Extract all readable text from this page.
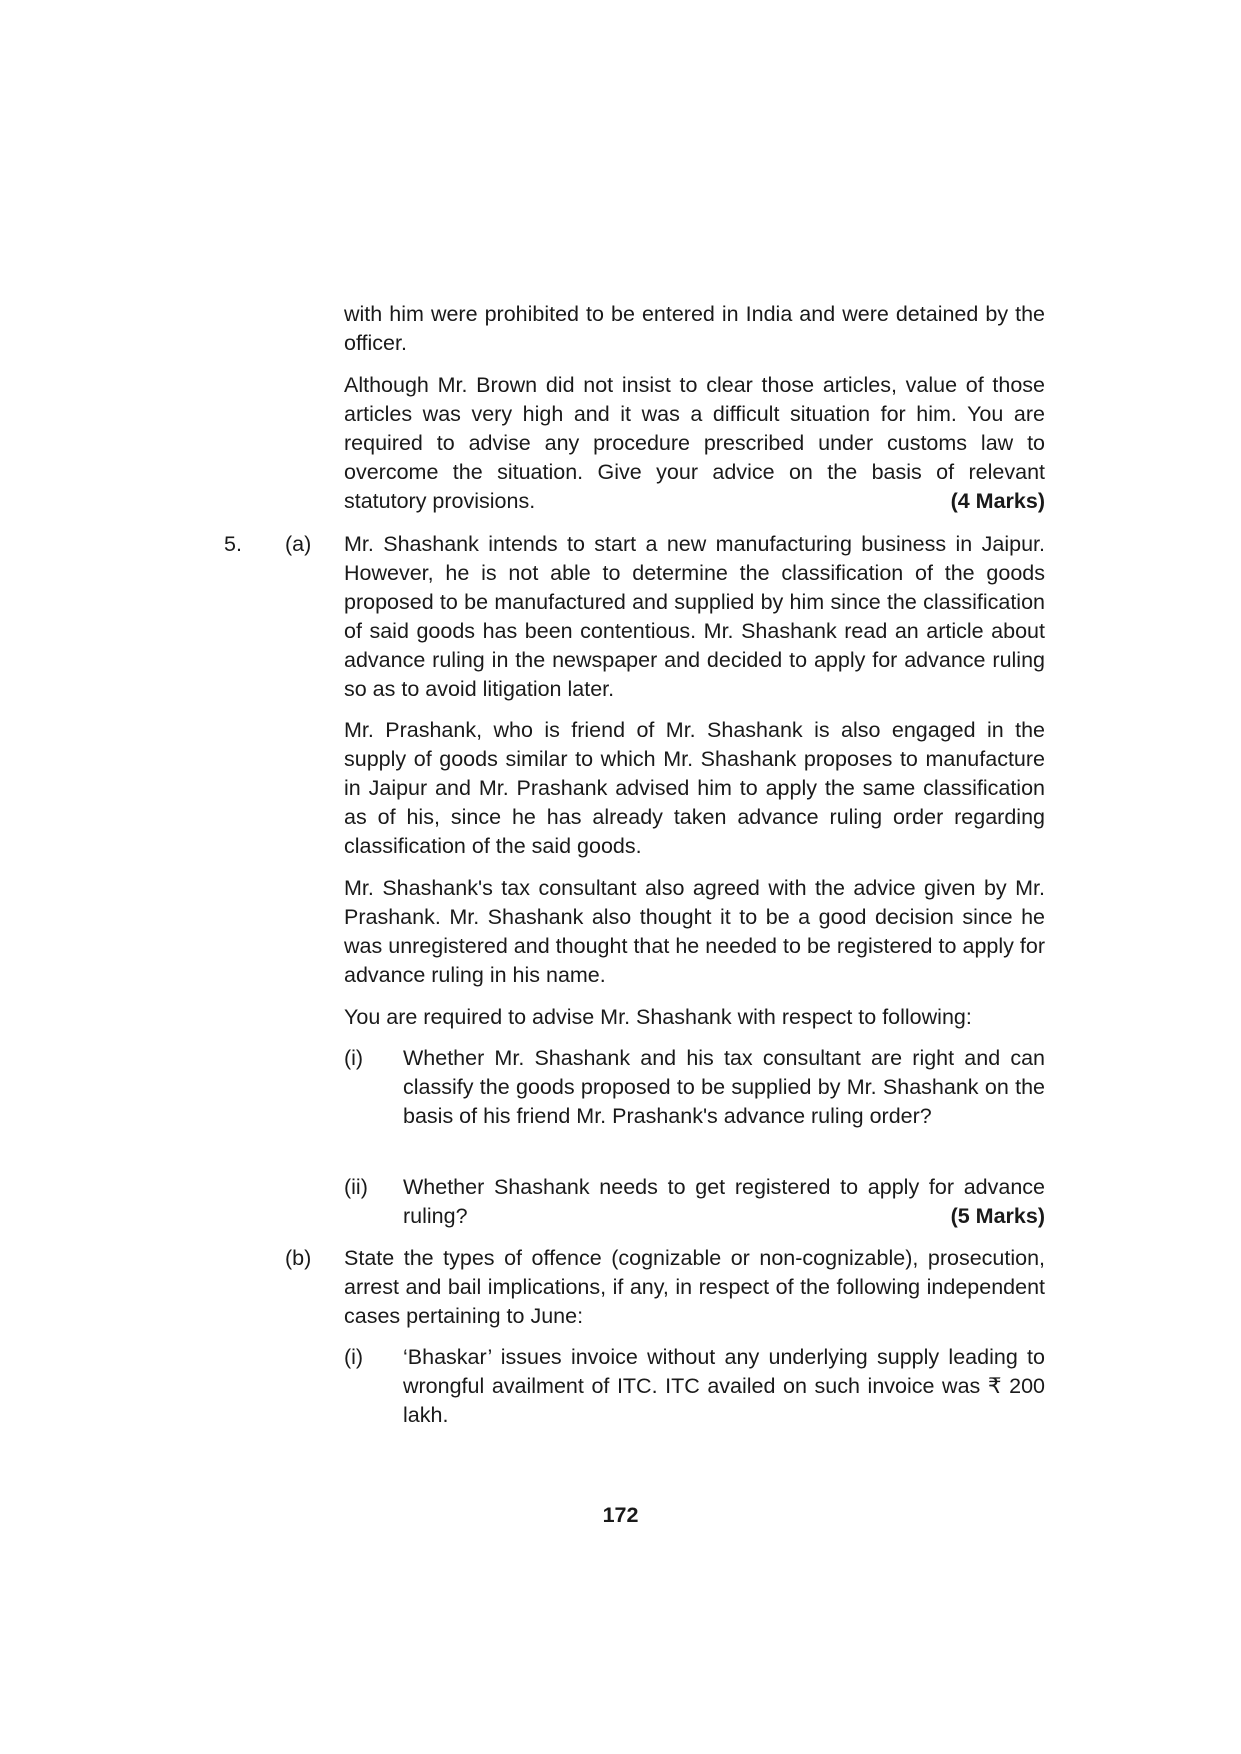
with him were prohibited to be entered in India and were detained by the officer.

Although Mr. Brown did not insist to clear those articles, value of those articles was very high and it was a difficult situation for him. You are required to advise any procedure prescribed under customs law to overcome the situation. Give your advice on the basis of relevant statutory provisions.	(4 Marks)

5. (a) Mr. Shashank intends to start a new manufacturing business in Jaipur. However, he is not able to determine the classification of the goods proposed to be manufactured and supplied by him since the classification of said goods has been contentious. Mr. Shashank read an article about advance ruling in the newspaper and decided to apply for advance ruling so as to avoid litigation later.

Mr. Prashank, who is friend of Mr. Shashank is also engaged in the supply of goods similar to which Mr. Shashank proposes to manufacture in Jaipur and Mr. Prashank advised him to apply the same classification as of his, since he has already taken advance ruling order regarding classification of the said goods.

Mr. Shashank's tax consultant also agreed with the advice given by Mr. Prashank. Mr. Shashank also thought it to be a good decision since he was unregistered and thought that he needed to be registered to apply for advance ruling in his name.

You are required to advise Mr. Shashank with respect to following:

(i) Whether Mr. Shashank and his tax consultant are right and can classify the goods proposed to be supplied by Mr. Shashank on the basis of his friend Mr. Prashank's advance ruling order?

(ii) Whether Shashank needs to get registered to apply for advance ruling?	(5 Marks)

(b) State the types of offence (cognizable or non-cognizable), prosecution, arrest and bail implications, if any, in respect of the following independent cases pertaining to June:

(i) ‘Bhaskar’ issues invoice without any underlying supply leading to wrongful availment of ITC. ITC availed on such invoice was ₹ 200 lakh.

172
